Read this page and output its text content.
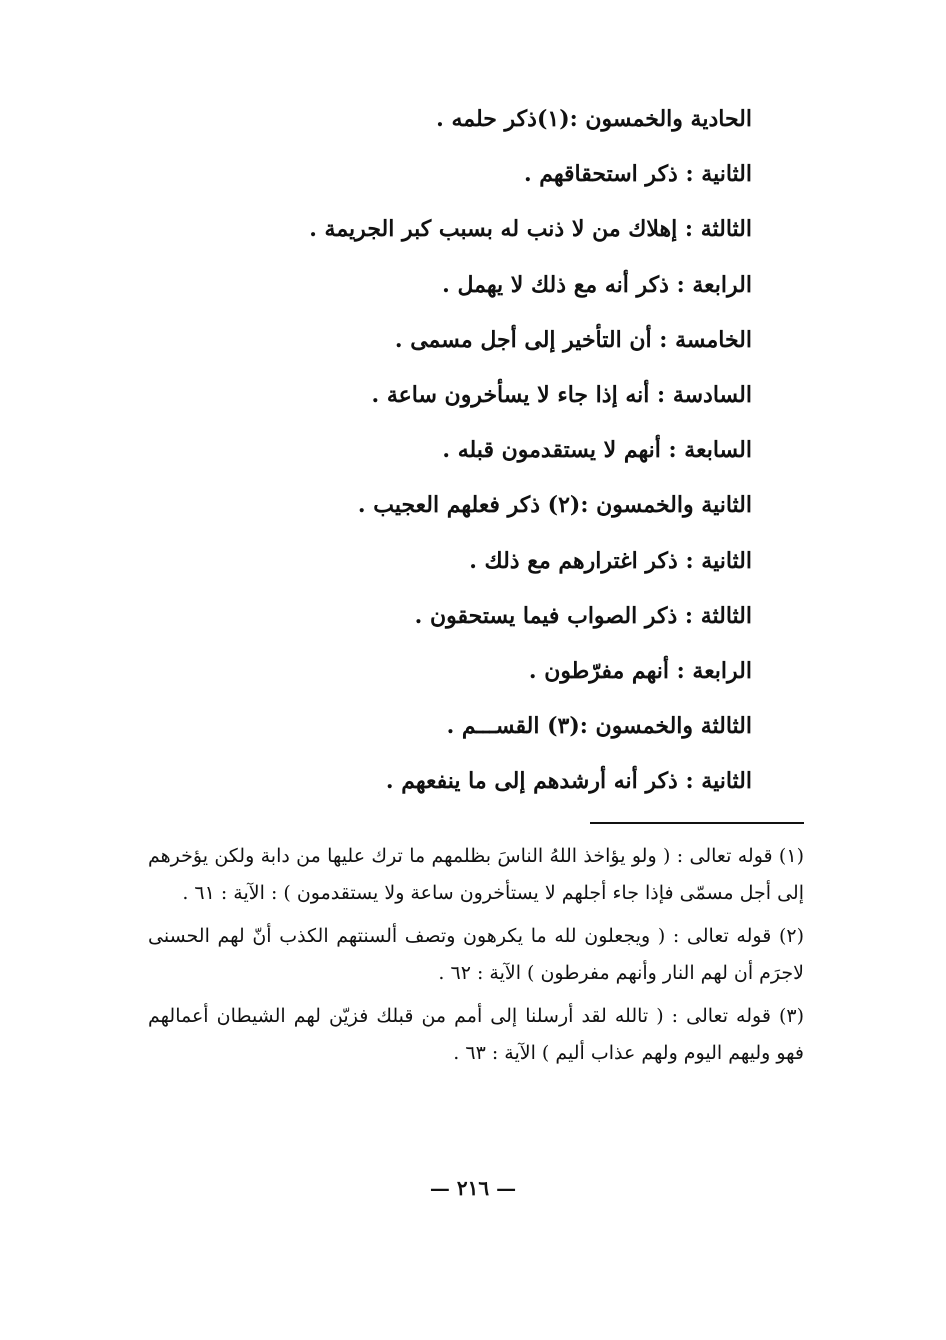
الحادية والخمسون :(١)ذكر حلمه .
الثانية : ذكر استحقاقهم .
الثالثة : إهلاك من لا ذنب له بسبب كبر الجريمة .
الرابعة : ذكر أنه مع ذلك لا يهمل .
الخامسة : أن التأخير إلى أجل مسمى .
السادسة : أنه إذا جاء لا يسأخرون ساعة .
السابعة : أنهم لا يستقدمون قبله .
الثانية والخمسون :(٢) ذكر فعلهم العجيب .
الثانية : ذكر اغترارهم مع ذلك .
الثالثة : ذكر الصواب فيما يستحقون .
الرابعة : أنهم مفرّطون .
الثالثة والخمسون :(٣) القســـم .
الثانية : ذكر أنه أرشدهم إلى ما ينفعهم .

(١) قوله تعالى : ( ولو يؤاخذ اللهُ الناسَ بظلمهم ما ترك عليها من دابة ولكن يؤخرهم إلى أجل مسمّى فإذا جاء أجلهم لا يستأخرون ساعة ولا يستقدمون ) : الآية : ٦١ .

(٢) قوله تعالى : ( ويجعلون لله ما يكرهون وتصف ألسنتهم الكذب أنّ لهم الحسنى لاجرَم أن لهم النار وأنهم مفرطون ) الآية : ٦٢ .

(٣) قوله تعالى : ( تالله لقد أرسلنا إلى أمم من قبلك فزيّن لهم الشيطان أعمالهم فهو وليهم اليوم ولهم عذاب أليم ) الآية : ٦٣ .

— ٢١٦ —
